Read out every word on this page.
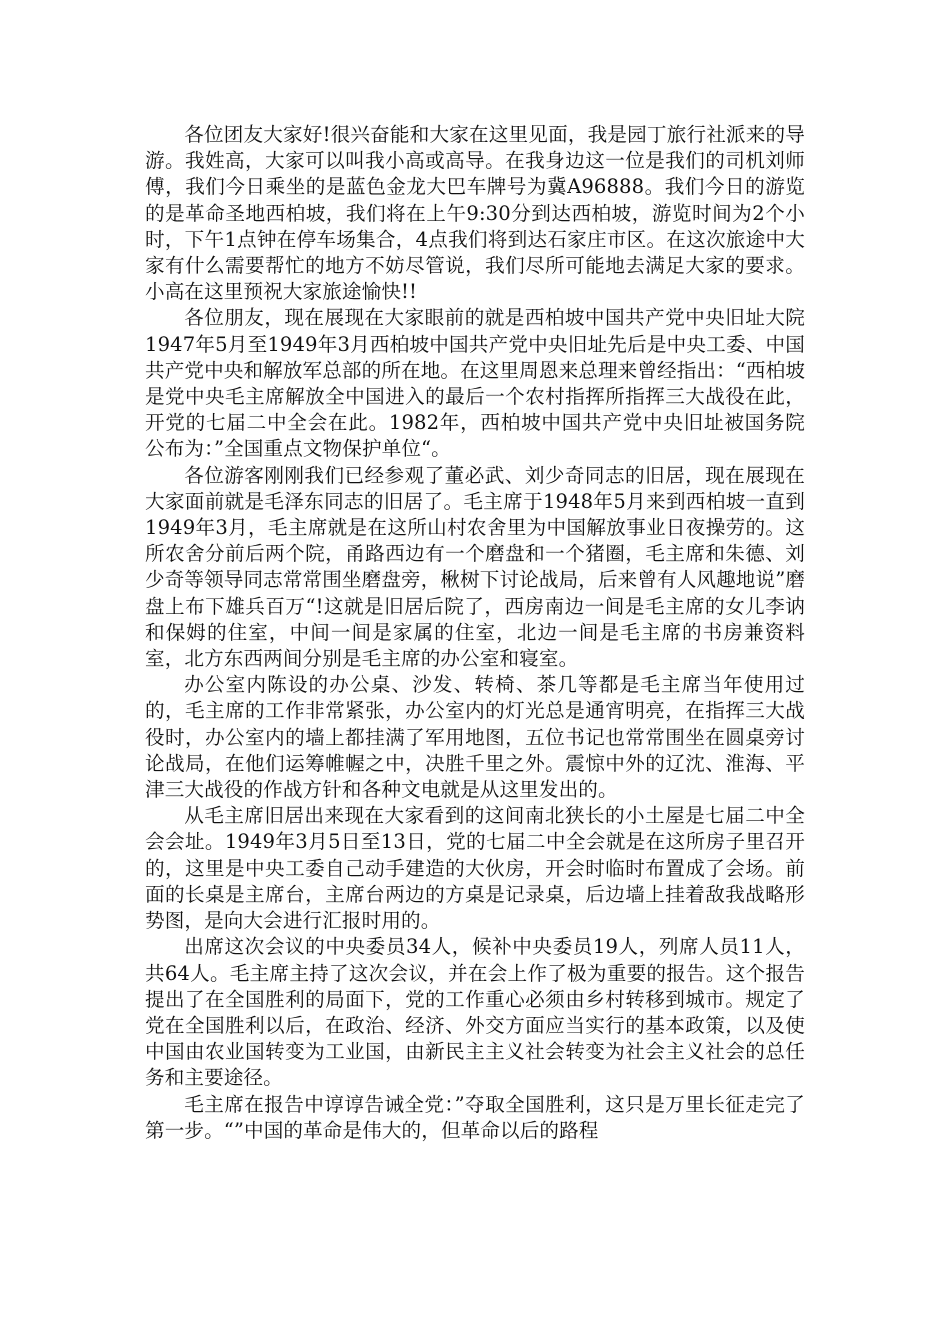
各位团友大家好!很兴奋能和大家在这里见面，我是园丁旅行社派来的导游。我姓高，大家可以叫我小高或高导。在我身边这一位是我们的司机刘师傅，我们今日乘坐的是蓝色金龙大巴车牌号为冀A96888。我们今日的游览的是革命圣地西柏坡，我们将在上午9:30分到达西柏坡，游览时间为2个小时，下午1点钟在停车场集合，4点我们将到达石家庄市区。在这次旅途中大家有什么需要帮忙的地方不妨尽管说，我们尽所可能地去满足大家的要求。小高在这里预祝大家旅途愉快!!

各位朋友，现在展现在大家眼前的就是西柏坡中国共产党中央旧址大院1947年5月至1949年3月西柏坡中国共产党中央旧址先后是中央工委、中国共产党中央和解放军总部的所在地。在这里周恩来总理来曾经指出：“西柏坡是党中央毛主席解放全中国进入的最后一个农村指挥所指挥三大战役在此，开党的七届二中全会在此。1982年，西柏坡中国共产党中央旧址被国务院公布为：”全国重点文物保护单位“。

各位游客刚刚我们已经参观了董必武、刘少奇同志的旧居，现在展现在大家面前就是毛泽东同志的旧居了。毛主席于1948年5月来到西柏坡一直到1949年3月，毛主席就是在这所山村农舍里为中国解放事业日夜操劳的。这所农舍分前后两个院，甬路西边有一个磨盘和一个猪圈，毛主席和朱德、刘少奇等领导同志常常围坐磨盘旁，楸树下讨论战局，后来曾有人风趣地说”磨盘上布下雄兵百万“!这就是旧居后院了，西房南边一间是毛主席的女儿李讷和保姆的住室，中间一间是家属的住室，北边一间是毛主席的书房兼资料室，北方东西两间分别是毛主席的办公室和寝室。

办公室内陈设的办公桌、沙发、转椅、茶几等都是毛主席当年使用过的，毛主席的工作非常紧张，办公室内的灯光总是通宵明亮，在指挥三大战役时，办公室内的墙上都挂满了军用地图，五位书记也常常围坐在圆桌旁讨论战局，在他们运筹帷幄之中，决胜千里之外。震惊中外的辽沈、淮海、平津三大战役的作战方针和各种文电就是从这里发出的。

从毛主席旧居出来现在大家看到的这间南北狭长的小土屋是七届二中全会会址。1949年3月5日至13日，党的七届二中全会就是在这所房子里召开的，这里是中央工委自己动手建造的大伙房，开会时临时布置成了会场。前面的长桌是主席台，主席台两边的方桌是记录桌，后边墙上挂着敌我战略形势图，是向大会进行汇报时用的。

出席这次会议的中央委员34人，候补中央委员19人，列席人员11人，共64人。毛主席主持了这次会议，并在会上作了极为重要的报告。这个报告提出了在全国胜利的局面下，党的工作重心必须由乡村转移到城市。规定了党在全国胜利以后，在政治、经济、外交方面应当实行的基本政策，以及使中国由农业国转变为工业国，由新民主主义社会转变为社会主义社会的总任务和主要途径。

毛主席在报告中谆谆告诫全党：”夺取全国胜利，这只是万里长征走完了第一步。“”中国的革命是伟大的，但革命以后的路程
